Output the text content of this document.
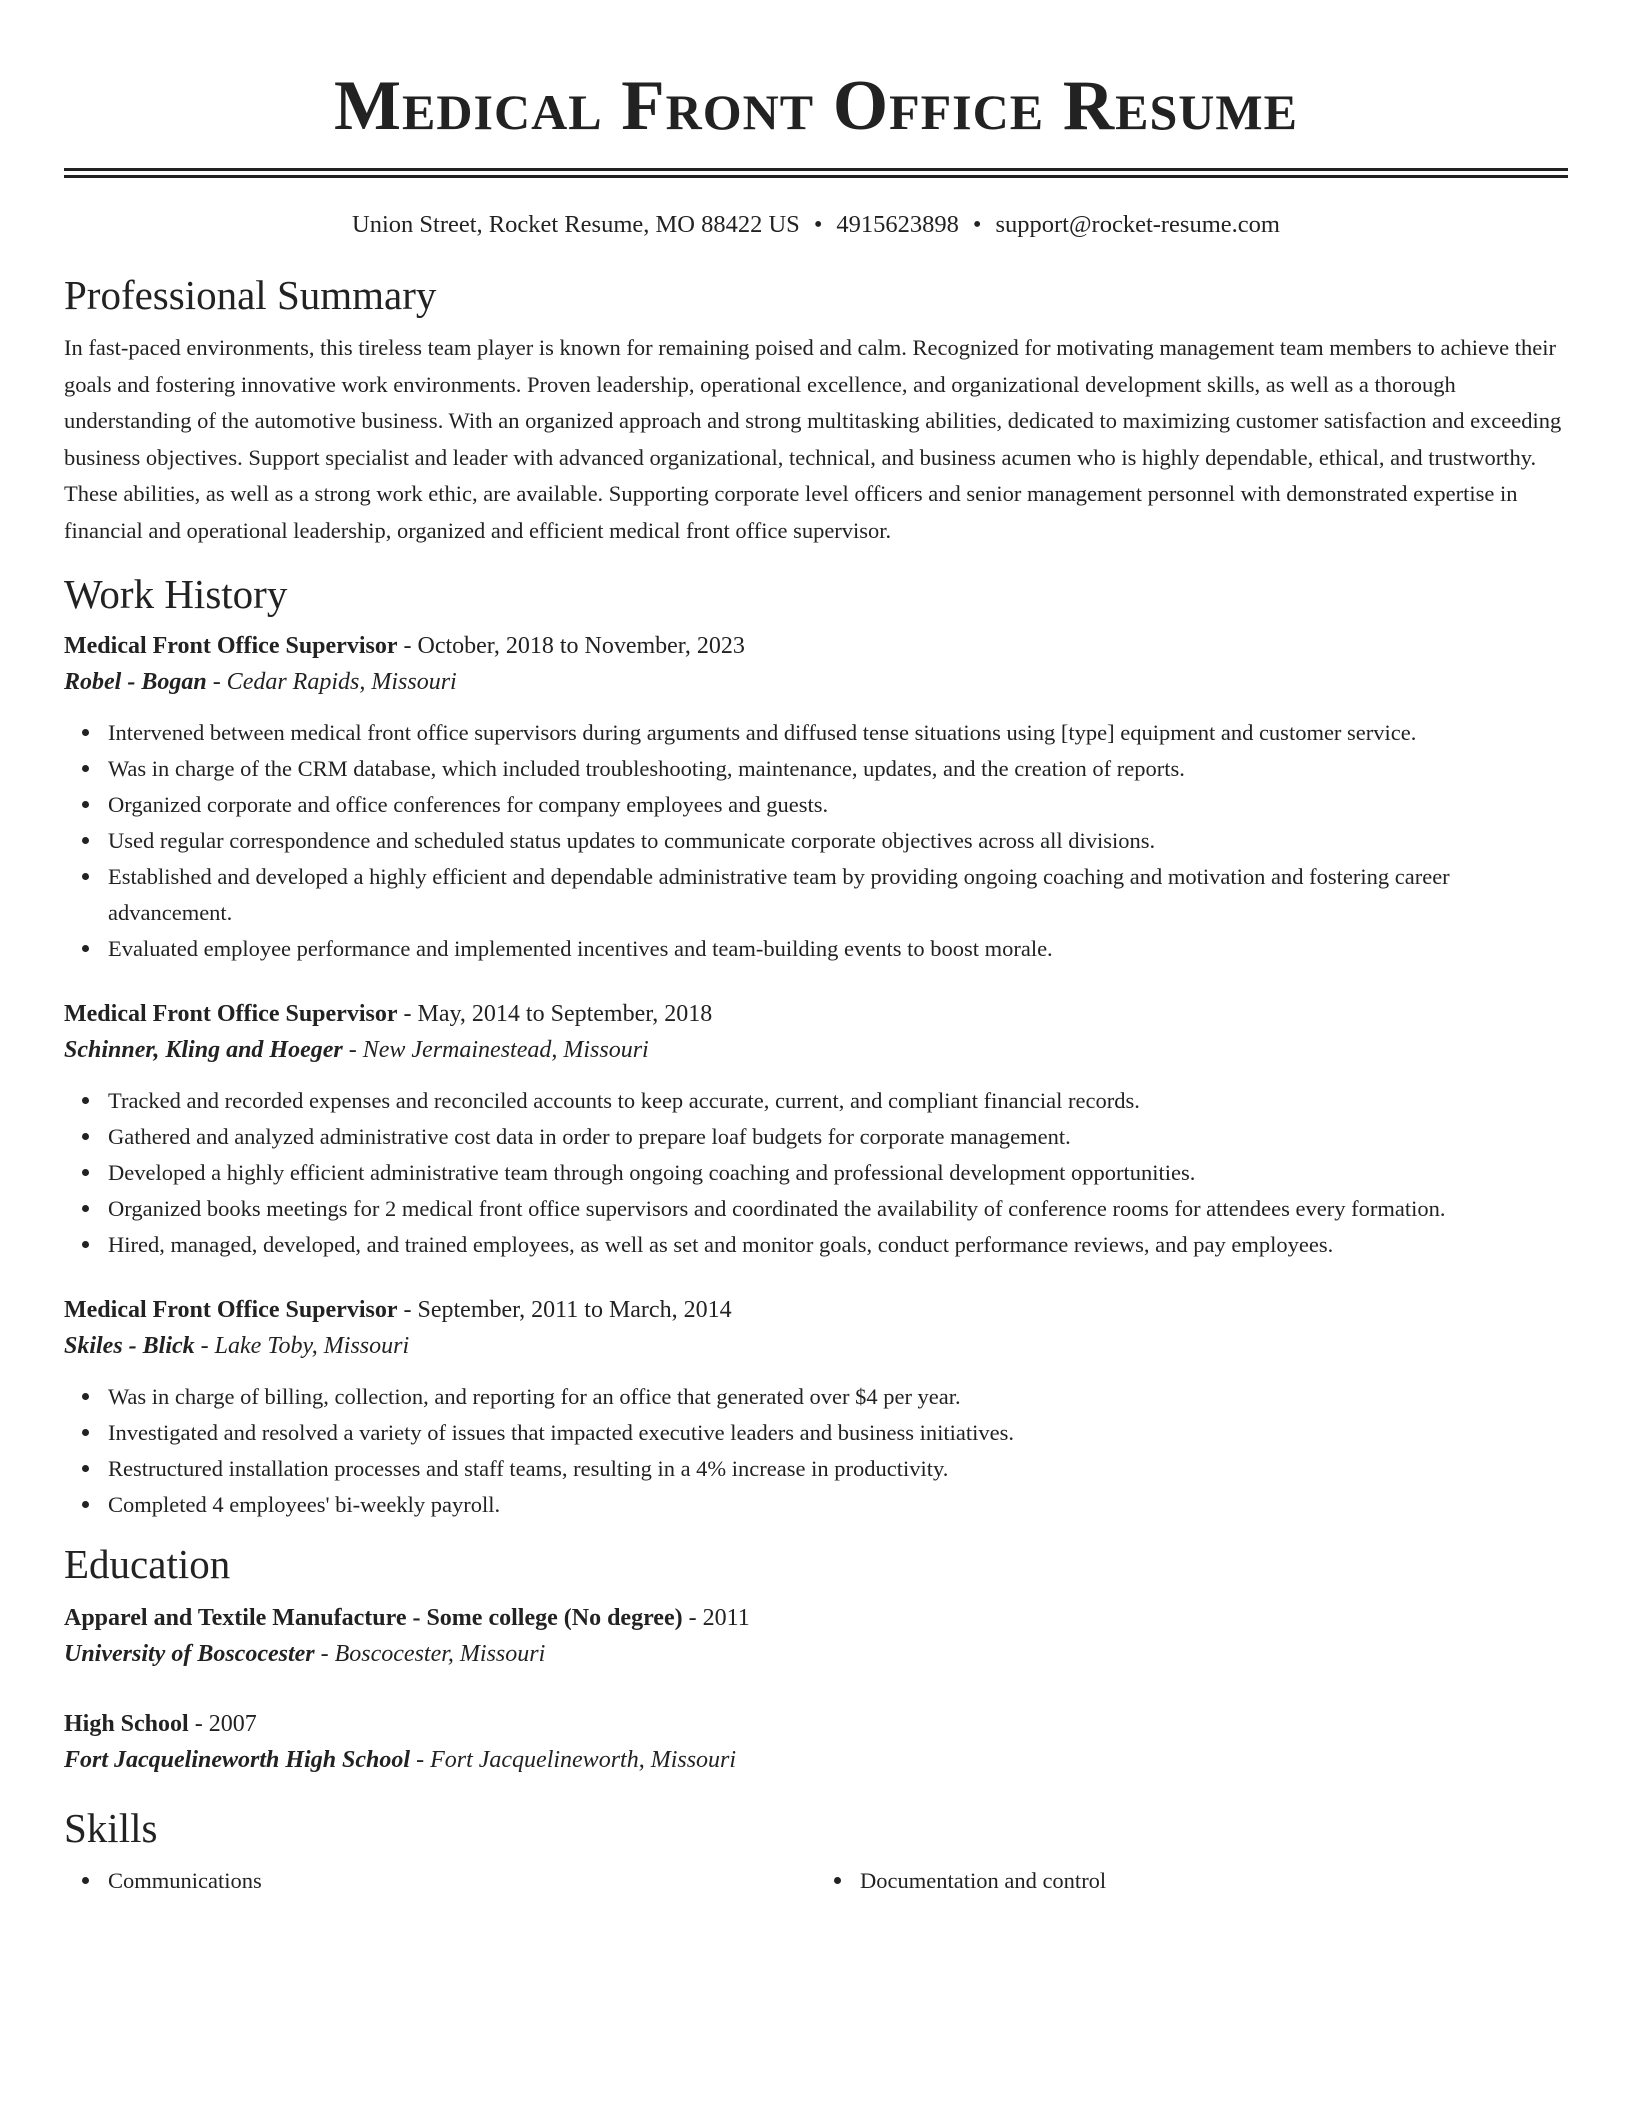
Medical Front Office Resume
Union Street, Rocket Resume, MO 88422 US • 4915623898 • support@rocket-resume.com
Professional Summary

In fast-paced environments, this tireless team player is known for remaining poised and calm. Recognized for motivating management team members to achieve their goals and fostering innovative work environments. Proven leadership, operational excellence, and organizational development skills, as well as a thorough understanding of the automotive business. With an organized approach and strong multitasking abilities, dedicated to maximizing customer satisfaction and exceeding business objectives. Support specialist and leader with advanced organizational, technical, and business acumen who is highly dependable, ethical, and trustworthy. These abilities, as well as a strong work ethic, are available. Supporting corporate level officers and senior management personnel with demonstrated expertise in financial and operational leadership, organized and efficient medical front office supervisor.

Work History
Medical Front Office Supervisor - October, 2018 to November, 2023
Robel - Bogan - Cedar Rapids, Missouri
Intervened between medical front office supervisors during arguments and diffused tense situations using [type] equipment and customer service.
Was in charge of the CRM database, which included troubleshooting, maintenance, updates, and the creation of reports.
Organized corporate and office conferences for company employees and guests.
Used regular correspondence and scheduled status updates to communicate corporate objectives across all divisions.
Established and developed a highly efficient and dependable administrative team by providing ongoing coaching and motivation and fostering career advancement.
Evaluated employee performance and implemented incentives and team-building events to boost morale.
Medical Front Office Supervisor - May, 2014 to September, 2018
Schinner, Kling and Hoeger - New Jermainestead, Missouri
Tracked and recorded expenses and reconciled accounts to keep accurate, current, and compliant financial records.
Gathered and analyzed administrative cost data in order to prepare loaf budgets for corporate management.
Developed a highly efficient administrative team through ongoing coaching and professional development opportunities.
Organized books meetings for 2 medical front office supervisors and coordinated the availability of conference rooms for attendees every formation.
Hired, managed, developed, and trained employees, as well as set and monitor goals, conduct performance reviews, and pay employees.
Medical Front Office Supervisor - September, 2011 to March, 2014
Skiles - Blick - Lake Toby, Missouri
Was in charge of billing, collection, and reporting for an office that generated over $4 per year.
Investigated and resolved a variety of issues that impacted executive leaders and business initiatives.
Restructured installation processes and staff teams, resulting in a 4% increase in productivity.
Completed 4 employees' bi-weekly payroll.
Education
Apparel and Textile Manufacture - Some college (No degree) - 2011
University of Boscocester - Boscocester, Missouri
High School - 2007
Fort Jacquelineworth High School - Fort Jacquelineworth, Missouri
Skills
Communications	Documentation and control
